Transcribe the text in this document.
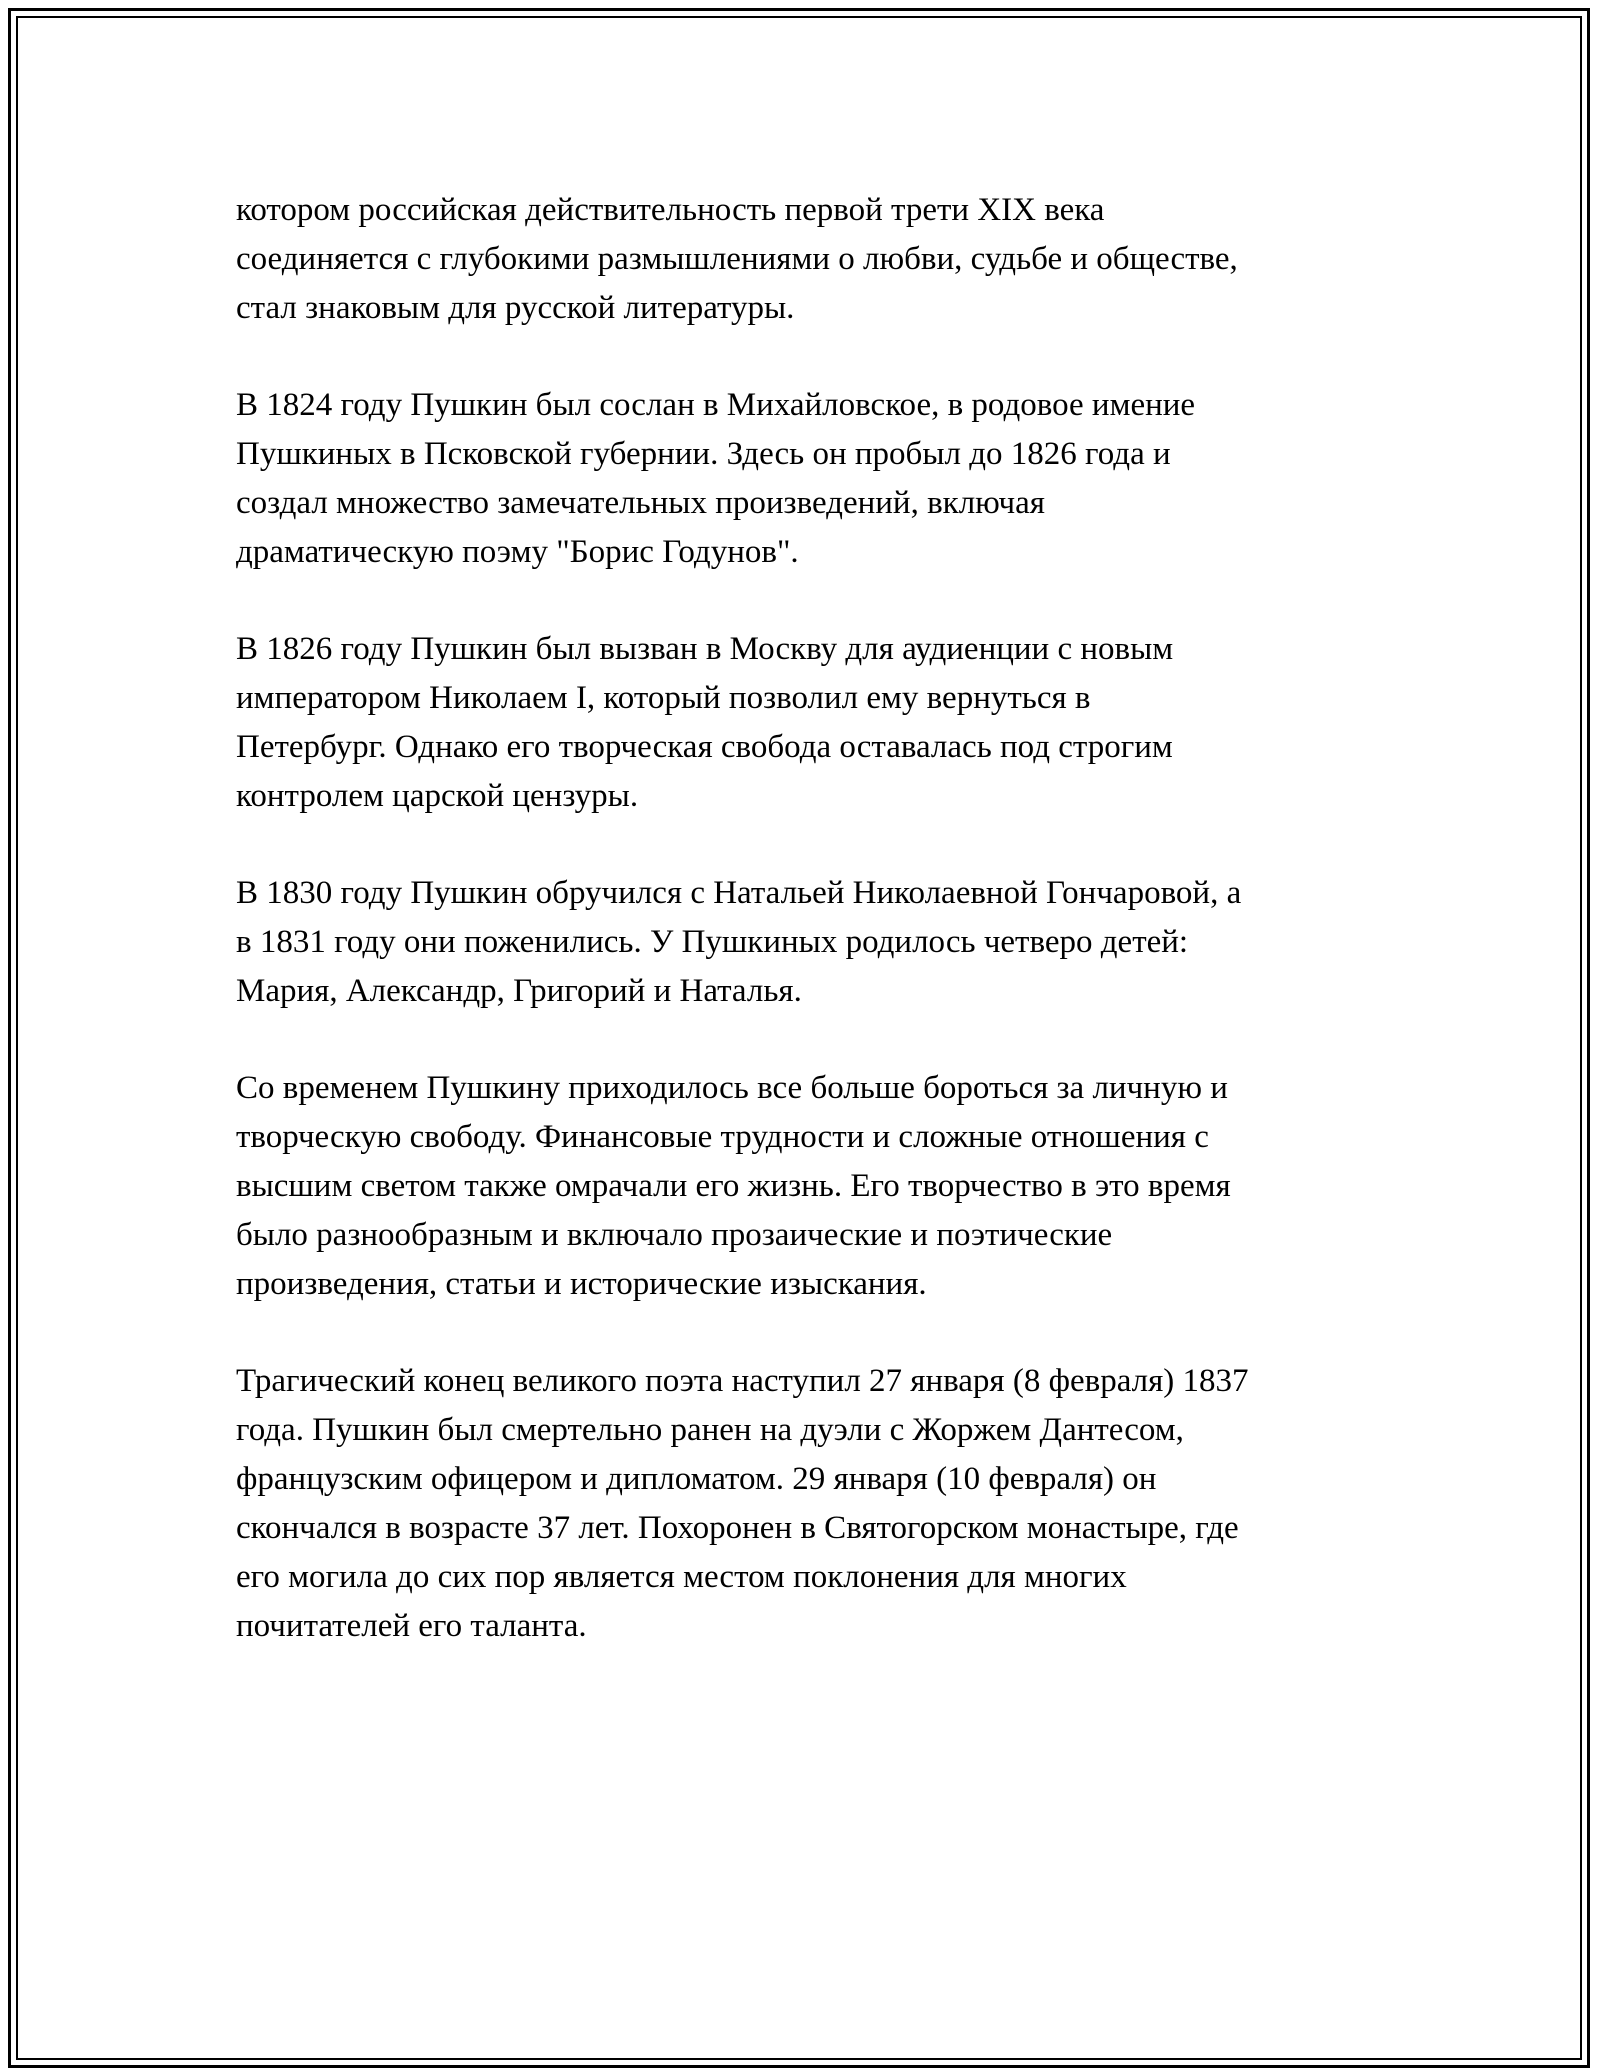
котором российская действительность первой трети XIX века
соединяется с глубокими размышлениями о любви, судьбе и обществе,
стал знаковым для русской литературы.

В 1824 году Пушкин был сослан в Михайловское, в родовое имение
Пушкиных в Псковской губернии. Здесь он пробыл до 1826 года и
создал множество замечательных произведений, включая
драматическую поэму "Борис Годунов".

В 1826 году Пушкин был вызван в Москву для аудиенции с новым
императором Николаем I, который позволил ему вернуться в
Петербург. Однако его творческая свобода оставалась под строгим
контролем царской цензуры.

В 1830 году Пушкин обручился с Натальей Николаевной Гончаровой, а
в 1831 году они поженились. У Пушкиных родилось четверо детей:
Мария, Александр, Григорий и Наталья.

Со временем Пушкину приходилось все больше бороться за личную и
творческую свободу. Финансовые трудности и сложные отношения с
высшим светом также омрачали его жизнь. Его творчество в это время
было разнообразным и включало прозаические и поэтические
произведения, статьи и исторические изыскания.

Трагический конец великого поэта наступил 27 января (8 февраля) 1837
года. Пушкин был смертельно ранен на дуэли с Жоржем Дантесом,
французским офицером и дипломатом. 29 января (10 февраля) он
скончался в возрасте 37 лет. Похоронен в Святогорском монастыре, где
его могила до сих пор является местом поклонения для многих
почитателей его таланта.
